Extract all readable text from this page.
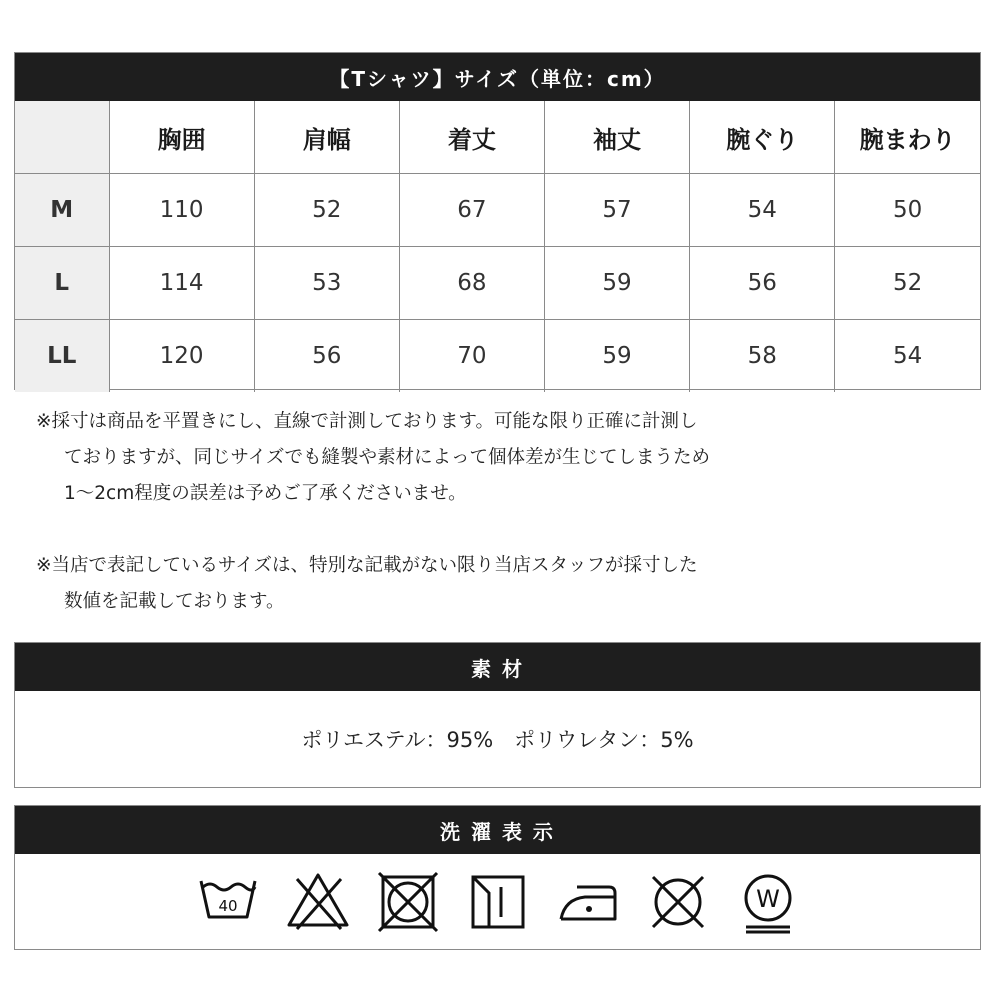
【Tシャツ】サイズ（単位：cm）
	胸囲	肩幅	着丈	袖丈	腕ぐり	腕まわり
M	110	52	67	57	54	50
L	114	53	68	59	56	52
LL	120	56	70	59	58	54

※採寸は商品を平置きにし、直線で計測しております。可能な限り正確に計測し

ておりますが、同じサイズでも縫製や素材によって個体差が生じてしまうため

1〜2cm程度の誤差は予めご了承くださいませ。

※当店で表記しているサイズは、特別な記載がない限り当店スタッフが採寸した

数値を記載しております。

素 材
ポリエステル：95%　ポリウレタン：5%
洗 濯 表 示
40	W
